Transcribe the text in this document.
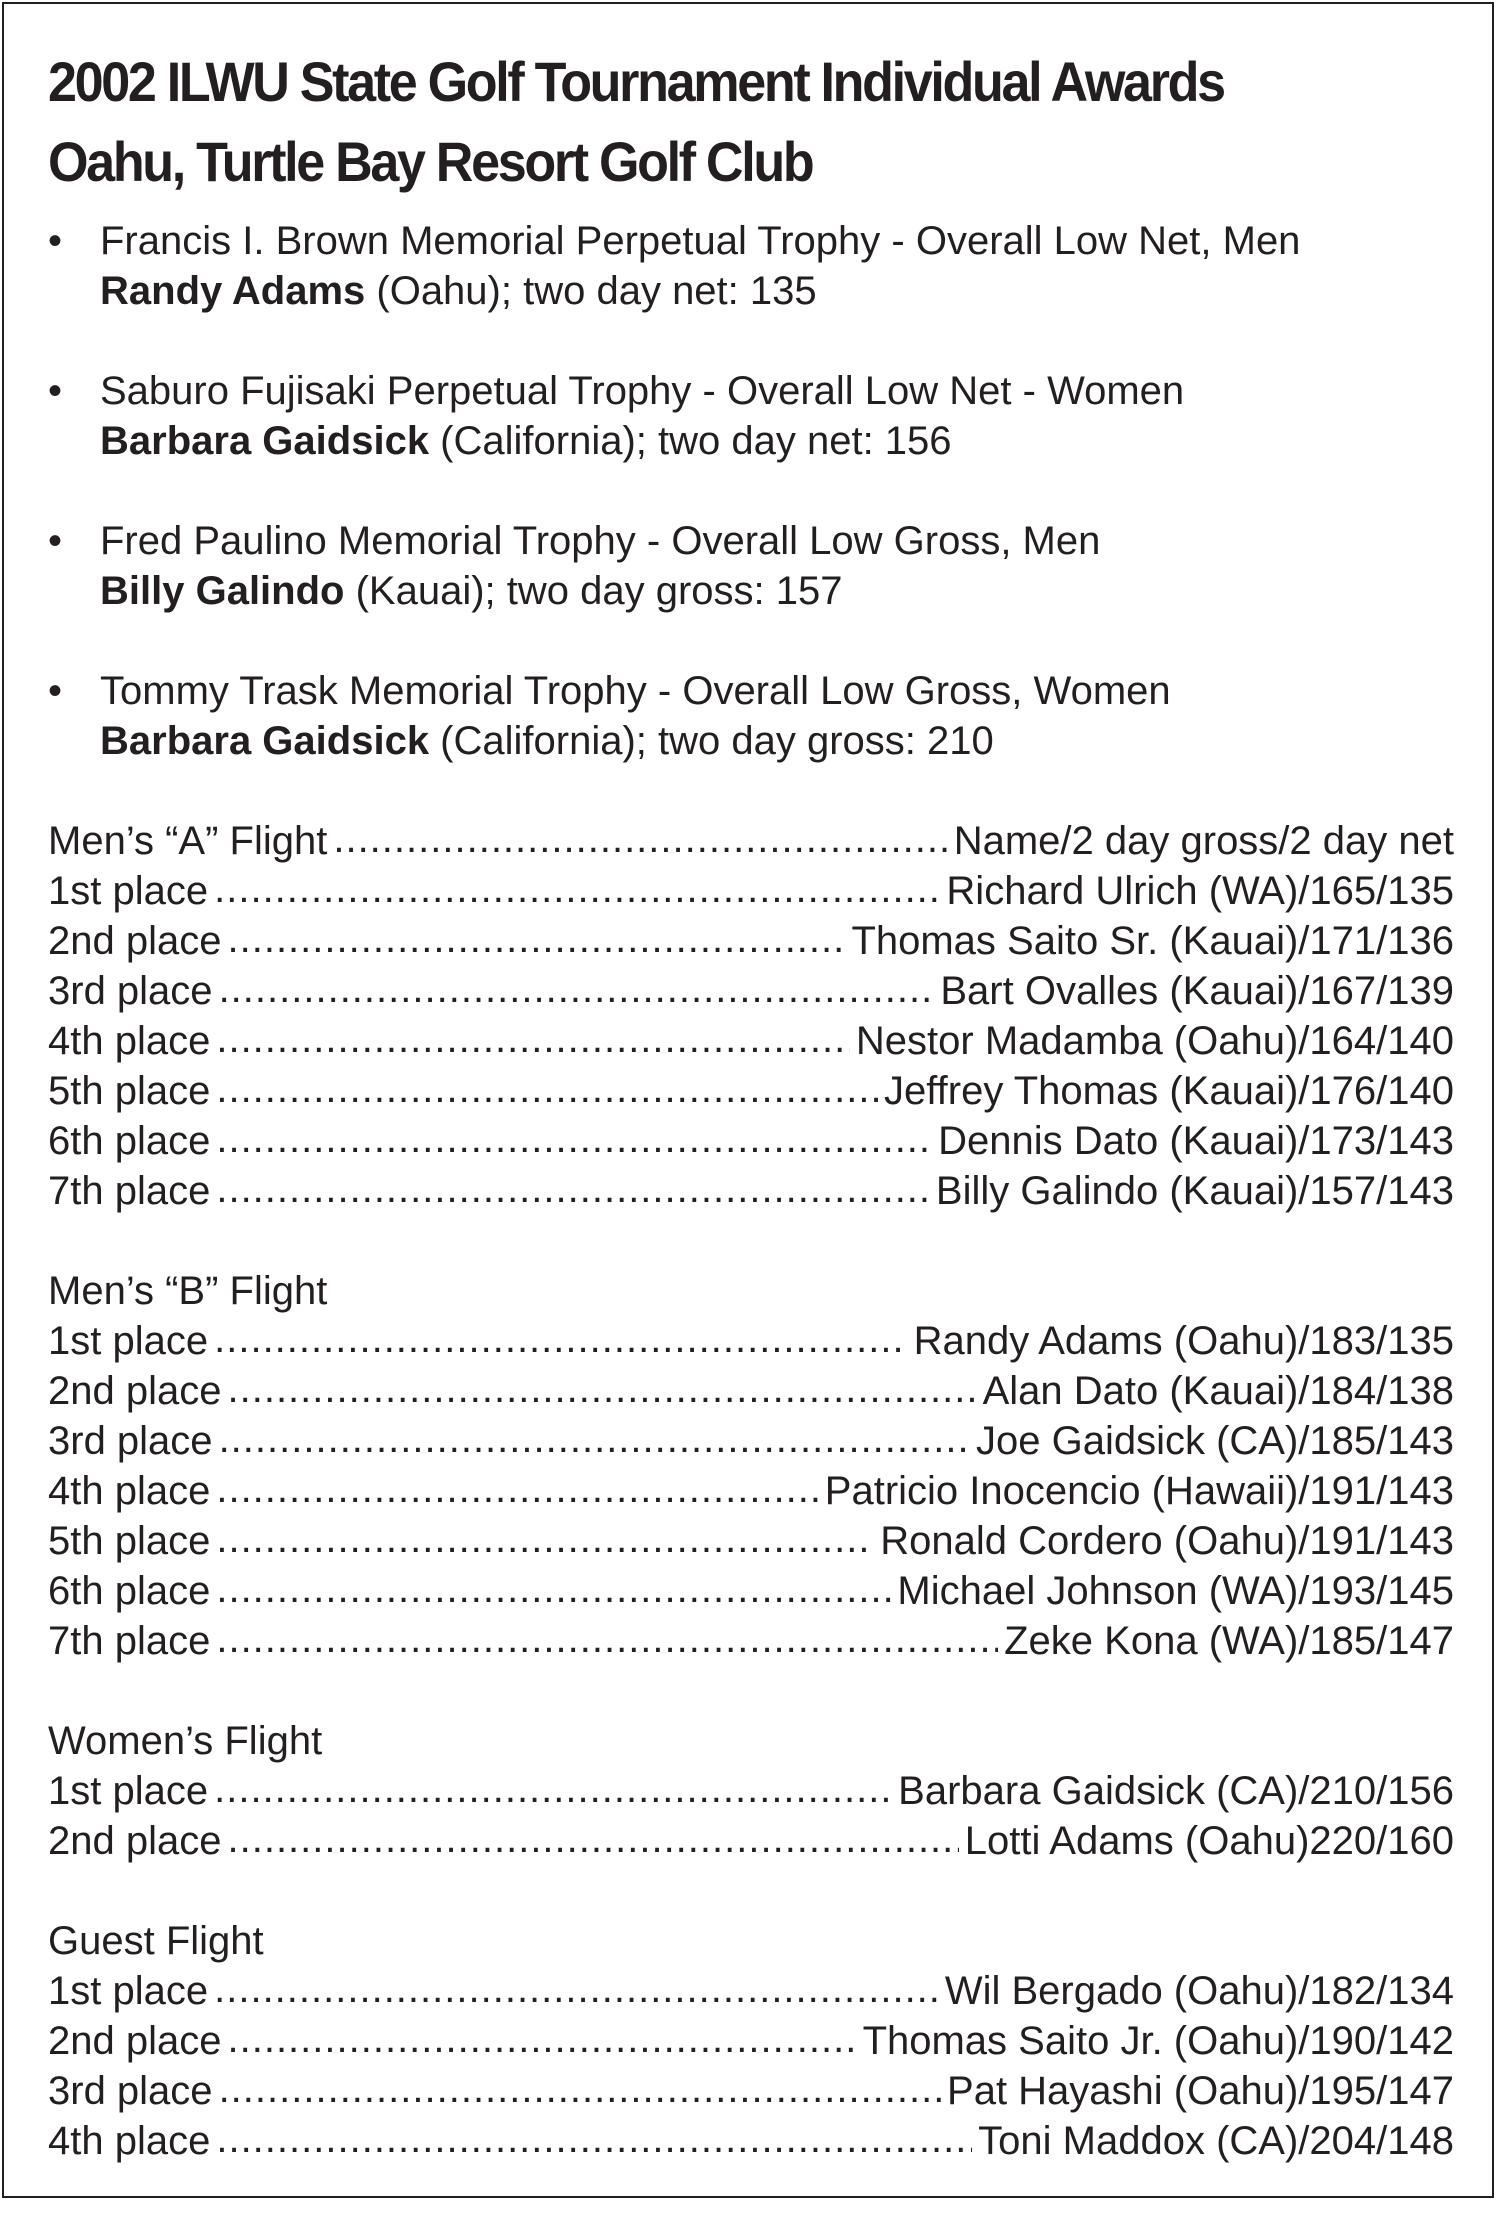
2002 ILWU State Golf Tournament Individual Awards
Oahu, Turtle Bay Resort Golf Club
• Francis I. Brown Memorial Perpetual Trophy - Overall Low Net, Men
Randy Adams (Oahu); two day net: 135
• Saburo Fujisaki Perpetual Trophy - Overall Low Net - Women
Barbara Gaidsick (California); two day net: 156
• Fred Paulino Memorial Trophy - Overall Low Gross, Men
Billy Galindo (Kauai); two day gross: 157
• Tommy Trask Memorial Trophy - Overall Low Gross, Women
Barbara Gaidsick (California); two day gross: 210
Men’s “A” Flight .....	Name/2 day gross/2 day net
1st place .....	Richard Ulrich (WA)/165/135
2nd place .....	Thomas Saito Sr. (Kauai)/171/136
3rd place .....	Bart Ovalles (Kauai)/167/139
4th place .....	Nestor Madamba (Oahu)/164/140
5th place .....	Jeffrey Thomas (Kauai)/176/140
6th place .....	Dennis Dato (Kauai)/173/143
7th place .....	Billy Galindo (Kauai)/157/143
Men’s “B” Flight
1st place .....	Randy Adams (Oahu)/183/135
2nd place .....	Alan Dato (Kauai)/184/138
3rd place .....	Joe Gaidsick (CA)/185/143
4th place .....	Patricio Inocencio (Hawaii)/191/143
5th place .....	Ronald Cordero (Oahu)/191/143
6th place .....	Michael Johnson (WA)/193/145
7th place .....	Zeke Kona (WA)/185/147
Women’s Flight
1st place .....	Barbara Gaidsick (CA)/210/156
2nd place .....	Lotti Adams (Oahu)220/160
Guest Flight
1st place .....	Wil Bergado (Oahu)/182/134
2nd place .....	Thomas Saito Jr. (Oahu)/190/142
3rd place .....	Pat Hayashi (Oahu)/195/147
4th place .....	Toni Maddox (CA)/204/148
